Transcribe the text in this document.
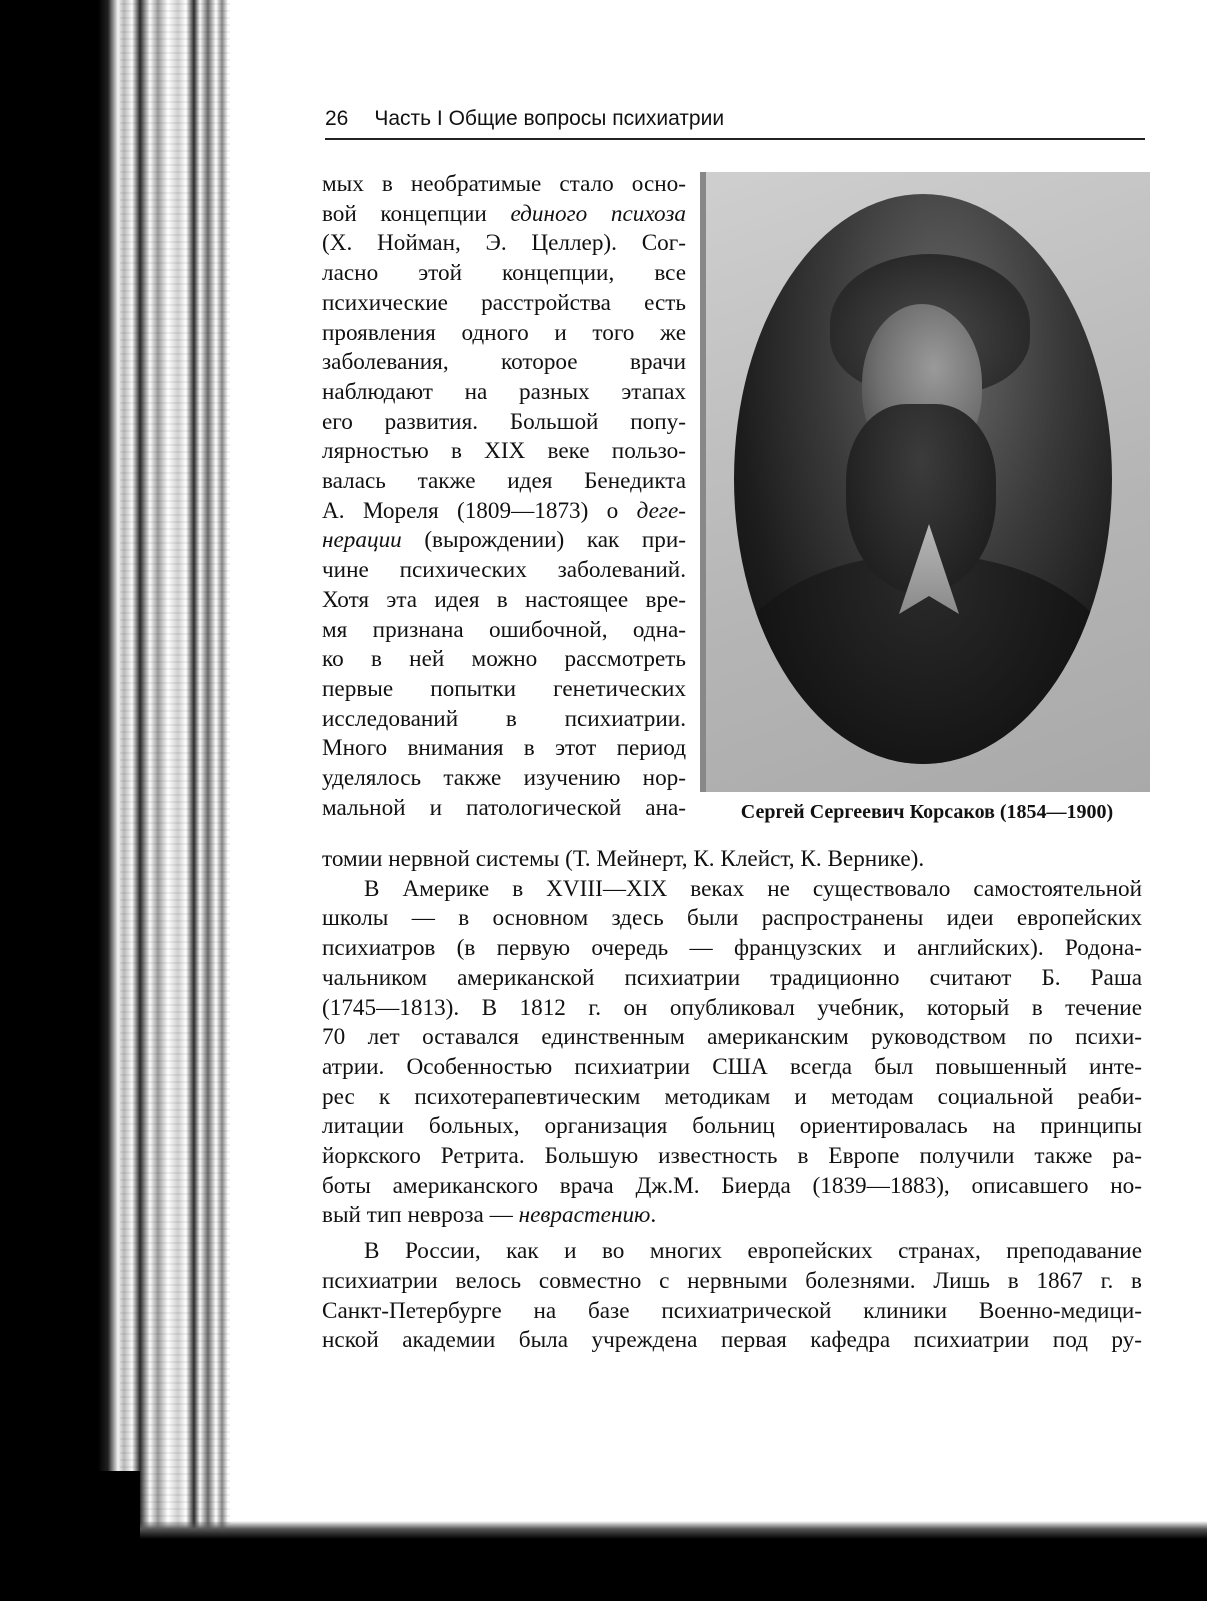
26 Часть I Общие вопросы психиатрии
мых в необратимые стало осно-
вой концепции единого психоза
(Х. Нойман, Э. Целлер). Сог-
ласно этой концепции, все
психические расстройства есть
проявления одного и того же
заболевания, которое врачи
наблюдают на разных этапах
его развития. Большой попу-
лярностью в XIX веке пользо-
валась также идея Бенедикта
А. Мореля (1809—1873) о деге-
нерации (вырождении) как при-
чине психических заболеваний.
Хотя эта идея в настоящее вре-
мя признана ошибочной, одна-
ко в ней можно рассмотреть
первые попытки генетических
исследований в психиатрии.
Много внимания в этот период
уделялось также изучению нор-
мальной и патологической ана-	Сергей Сергеевич Корсаков (1854—1900)
томии нервной системы (Т. Мейнерт, К. Клейст, К. Вернике).
В Америке в XVIII—XIX веках не существовало самостоятельной
школы — в основном здесь были распространены идеи европейских
психиатров (в первую очередь — французских и английских). Родона-
чальником американской психиатрии традиционно считают Б. Раша
(1745—1813). В 1812 г. он опубликовал учебник, который в течение
70 лет оставался единственным американским руководством по психи-
атрии. Особенностью психиатрии США всегда был повышенный инте-
рес к психотерапевтическим методикам и методам социальной реаби-
литации больных, организация больниц ориентировалась на принципы
йоркского Ретрита. Большую известность в Европе получили также ра-
боты американского врача Дж.М. Биерда (1839—1883), описавшего но-
вый тип невроза — неврастению.
В России, как и во многих европейских странах, преподавание
психиатрии велось совместно с нервными болезнями. Лишь в 1867 г. в
Санкт-Петербурге на базе психиатрической клиники Военно-медици-
нской академии была учреждена первая кафедра психиатрии под ру-
